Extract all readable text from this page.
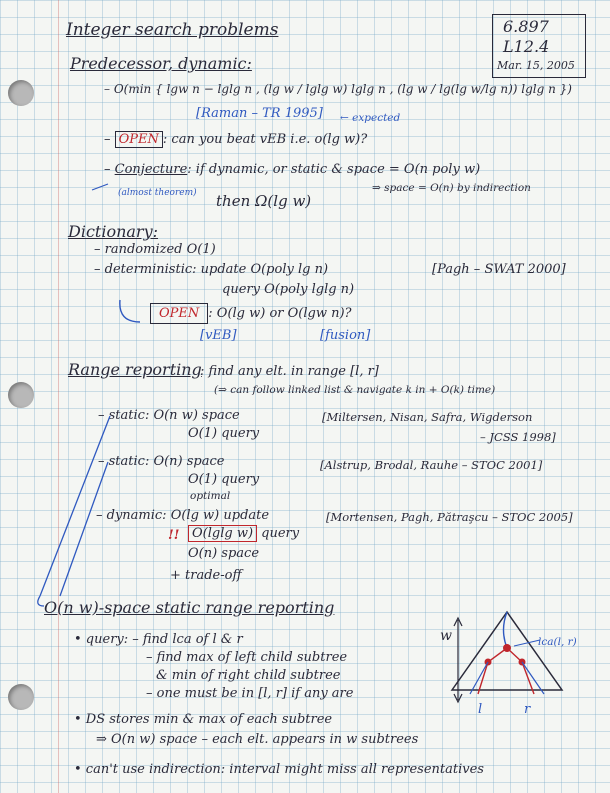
6.897
L12.4
Mar. 15, 2005
Integer search problems
Predecessor, dynamic:
– O(min { lgw n − lglg n , (lg w / lglg w) lglg n , (lg w / lg(lg w/lg n)) lglg n })
[Raman – TR 1995] ← expected
– OPEN : can you beat vEB i.e. o(lg w)?
– Conjecture: if dynamic, or static & space = O(n poly w)
⇒ space = O(n) by indirection
(almost theorem) then Ω(lg w)
Dictionary:
– randomized O(1)
– deterministic: update O(poly lg n)
query O(poly lglg n)
[Pagh – SWAT 2000]
OPEN : O(lg w) or O(lgw n)?
[vEB]	[fusion]
Range reporting
: find any elt. in range [l, r]
(⇒ can follow linked list & navigate k in + O(k) time)
– static: O(n w) space
O(1) query
[Miltersen, Nisan, Safra, Wigderson
– JCSS 1998]
– static: O(n) space
O(1) query
optimal
[Alstrup, Brodal, Rauhe – STOC 2001]
– dynamic: O(lg w) update	[Mortensen, Pagh, Pătraşcu – STOC 2005]
!! O(lglg w) query
O(n) space
+ trade-off
O(n w)-space static range reporting
• query: – find lca of l & r
– find max of left child subtree
& min of right child subtree
– one must be in [l, r] if any are
• DS stores min & max of each subtree
⇒ O(n w) space – each elt. appears in w subtrees
• can't use indirection: interval might miss all representatives
w	lca(l, r)
l	r
